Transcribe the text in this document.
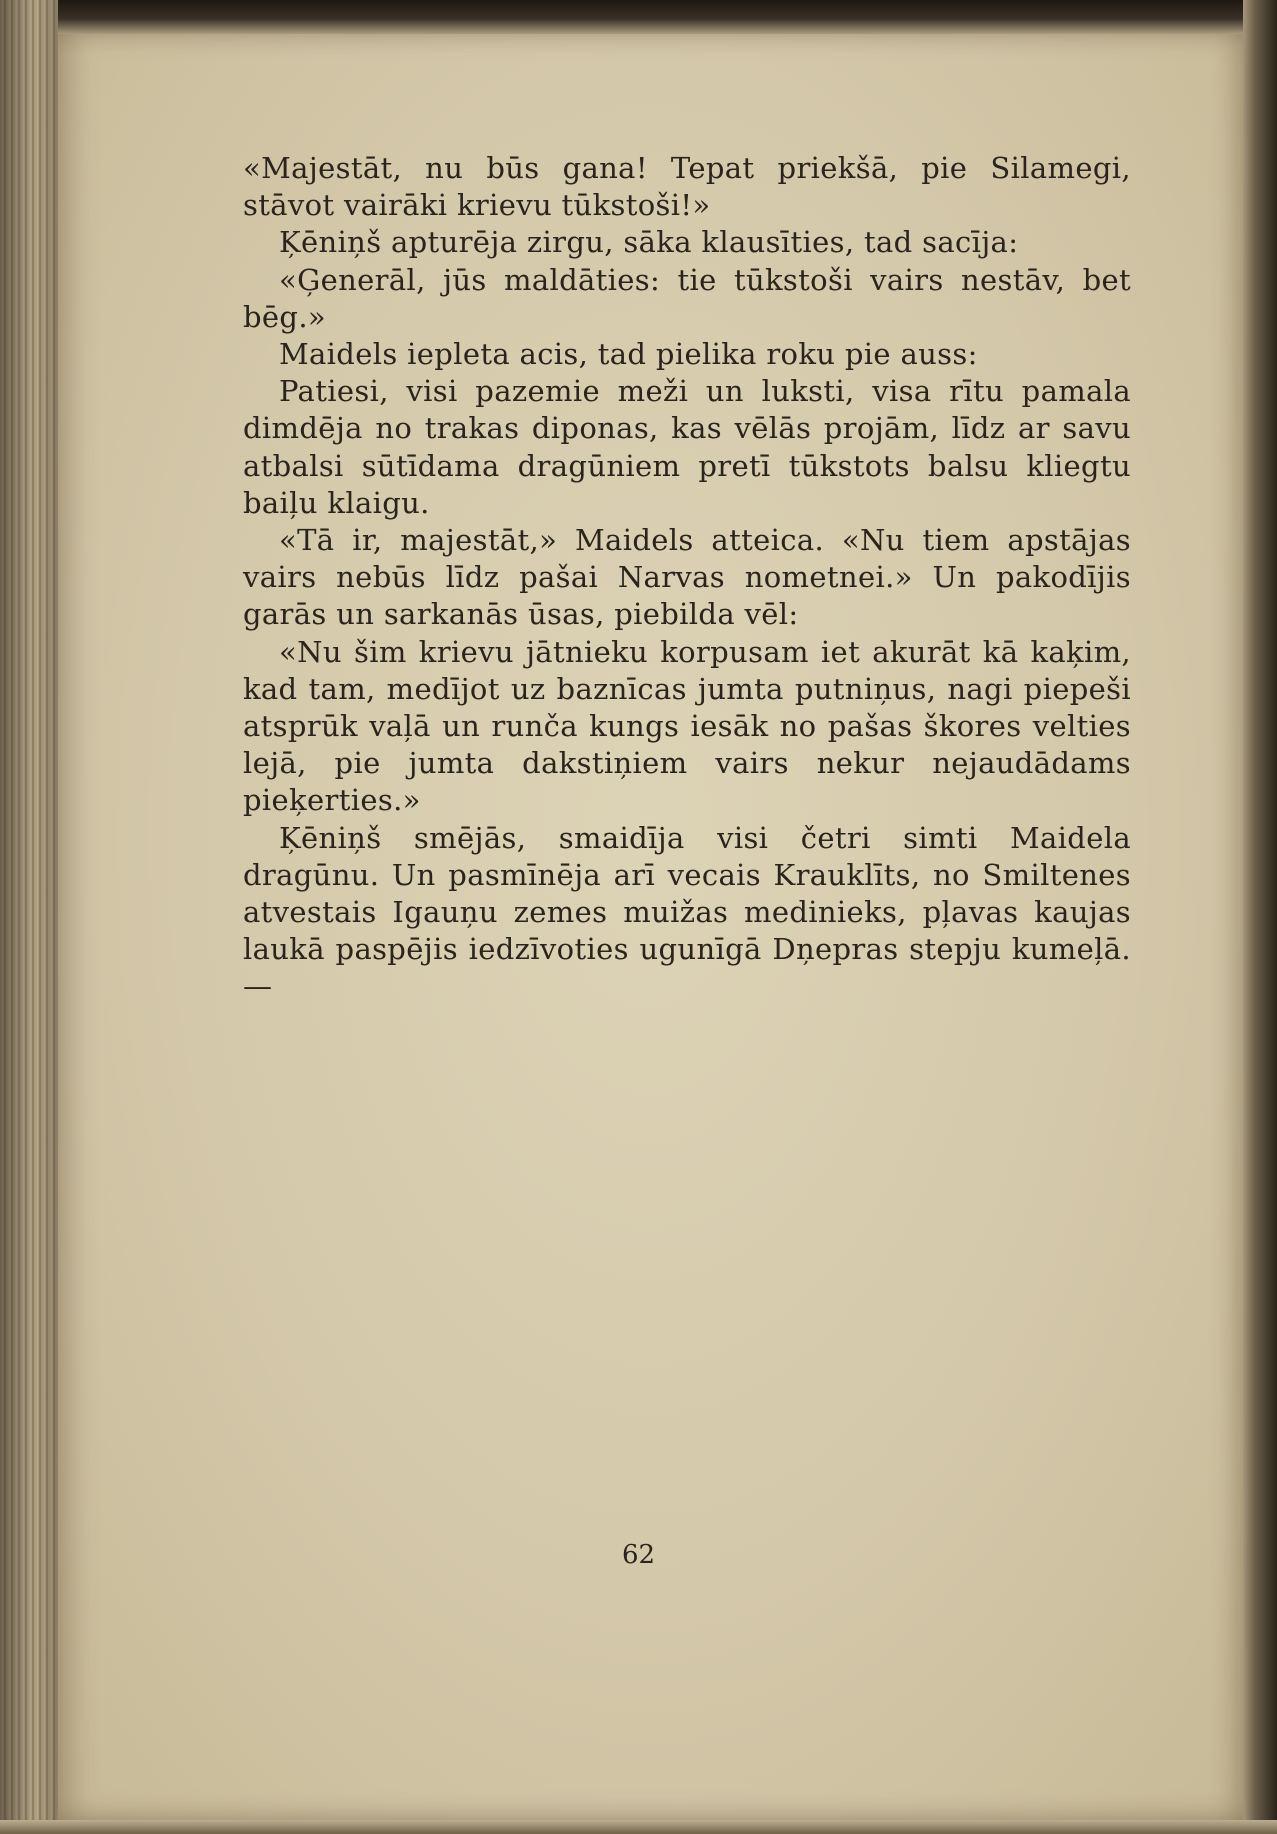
«Majestāt, nu būs gana! Tepat priekšā, pie Silamegi, stāvot vairāki krievu tūkstoši!»

Ķēniņš apturēja zirgu, sāka klausīties, tad sacīja:

«Ģenerāl, jūs maldāties: tie tūkstoši vairs nestāv, bet bēg.»

Maidels iepleta acis, tad pielika roku pie auss:

Patiesi, visi pazemie meži un luksti, visa rītu pamala dimdēja no trakas diponas, kas vēlās projām, līdz ar savu atbalsi sūtīdama dragūniem pretī tūkstots balsu kliegtu baiļu klaigu.

«Tā ir, majestāt,» Maidels atteica. «Nu tiem apstājas vairs nebūs līdz pašai Narvas nometnei.» Un pakodījis garās un sarkanās ūsas, piebilda vēl:

«Nu šim krievu jātnieku korpusam iet akurāt kā kaķim, kad tam, medījot uz baznīcas jumta putniņus, nagi piepeši atsprūk vaļā un runča kungs iesāk no pašas škores velties lejā, pie jumta dakstiņiem vairs nekur nejaudādams pieķerties.»

Ķēniņš smējās, smaidīja visi četri simti Maidela dragūnu. Un pasmīnēja arī vecais Krauklīts, no Smiltenes atvestais Igauņu zemes muižas medinieks, pļavas kaujas laukā paspējis iedzīvoties ugunīgā Dņepras stepju kumeļā. —

62
